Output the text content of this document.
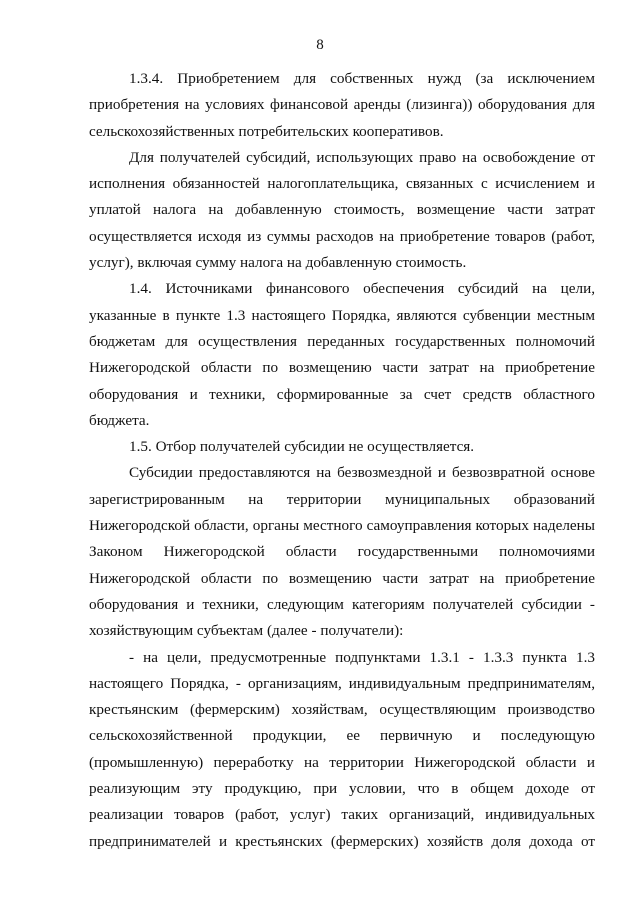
8

1.3.4. Приобретением для собственных нужд (за исключением приобретения на условиях финансовой аренды (лизинга)) оборудования для сельскохозяйственных потребительских кооперативов.

Для получателей субсидий, использующих право на освобождение от исполнения обязанностей налогоплательщика, связанных с исчислением и уплатой налога на добавленную стоимость, возмещение части затрат осуществляется исходя из суммы расходов на приобретение товаров (работ, услуг), включая сумму налога на добавленную стоимость.

1.4. Источниками финансового обеспечения субсидий на цели, указанные в пункте 1.3 настоящего Порядка, являются субвенции местным бюджетам для осуществления переданных государственных полномочий Нижегородской области по возмещению части затрат на приобретение оборудования и техники, сформированные за счет средств областного бюджета.

1.5. Отбор получателей субсидии не осуществляется.

Субсидии предоставляются на безвозмездной и безвозвратной основе зарегистрированным на территории муниципальных образований Нижегородской области, органы местного самоуправления которых наделены Законом Нижегородской области государственными полномочиями Нижегородской области по возмещению части затрат на приобретение оборудования и техники, следующим категориям получателей субсидии - хозяйствующим субъектам (далее - получатели):

- на цели, предусмотренные подпунктами 1.3.1 - 1.3.3 пункта 1.3 настоящего Порядка, - организациям, индивидуальным предпринимателям, крестьянским (фермерским) хозяйствам, осуществляющим производство сельскохозяйственной продукции, ее первичную и последующую (промышленную) переработку на территории Нижегородской области и реализующим эту продукцию, при условии, что в общем доходе от реализации товаров (работ, услуг) таких организаций, индивидуальных предпринимателей и крестьянских (фермерских) хозяйств доля дохода от
